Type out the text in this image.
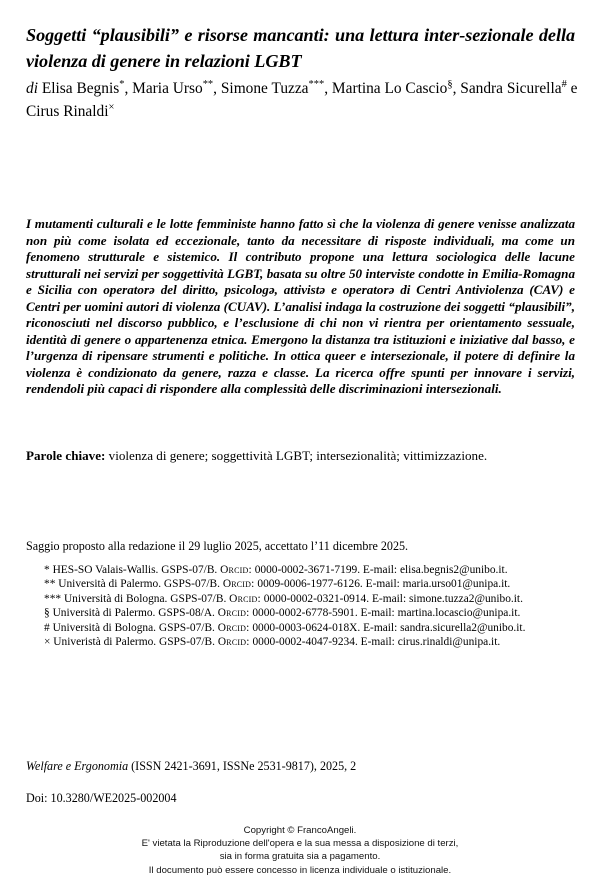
Soggetti “plausibili” e risorse mancanti: una lettura inter-sezionale della violenza di genere in relazioni LGBT
di Elisa Begnis*, Maria Urso**, Simone Tuzza***, Martina Lo Cascio§, Sandra Sicurella# e Cirus Rinaldi×

I mutamenti culturali e le lotte femministe hanno fatto sì che la violenza di genere venisse analizzata non più come isolata ed eccezionale, tanto da necessitare di risposte individuali, ma come un fenomeno strutturale e sistemico. Il contributo propone una lettura sociologica delle lacune strutturali nei servizi per soggettività LGBT, basata su oltre 50 interviste condotte in Emilia-Romagna e Sicilia con operatorə del diritto, psicologə, attivistə e operatorə di Centri Antiviolenza (CAV) e Centri per uomini autori di violenza (CUAV). L’analisi indaga la costruzione dei soggetti “plausibili”, riconosciuti nel discorso pubblico, e l’esclusione di chi non vi rientra per orientamento sessuale, identità di genere o appartenenza etnica. Emergono la distanza tra istituzioni e iniziative dal basso, e l’urgenza di ripensare strumenti e politiche. In ottica queer e intersezionale, il potere di definire la violenza è condizionato da genere, razza e classe. La ricerca offre spunti per innovare i servizi, rendendoli più capaci di rispondere alla complessità delle discriminazioni intersezionali.

Parole chiave: violenza di genere; soggettività LGBT; intersezionalità; vittimizzazione.
Saggio proposto alla redazione il 29 luglio 2025, accettato l’11 dicembre 2025.

* HES-SO Valais-Wallis. GSPS-07/B. Orcid: 0000-0002-3671-7199. E-mail: elisa.begnis2@unibo.it.

** Università di Palermo. GSPS-07/B. Orcid: 0009-0006-1977-6126. E-mail: maria.urso01@unipa.it.

*** Università di Bologna. GSPS-07/B. Orcid: 0000-0002-0321-0914. E-mail: simone.tuzza2@unibo.it.

§ Università di Palermo. GSPS-08/A. Orcid: 0000-0002-6778-5901. E-mail: martina.locascio@unipa.it.

# Università di Bologna. GSPS-07/B. Orcid: 0000-0003-0624-018X. E-mail: sandra.sicurella2@unibo.it.

× Univeristà di Palermo. GSPS-07/B. Orcid: 0000-0002-4047-9234. E-mail: cirus.rinaldi@unipa.it.

Welfare e Ergonomia (ISSN 2421-3691, ISSNe 2531-9817), 2025, 2
Doi: 10.3280/WE2025-002004
Copyright © FrancoAngeli.
E' vietata la Riproduzione dell'opera e la sua messa a disposizione di terzi,
sia in forma gratuita sia a pagamento.
Il documento può essere concesso in licenza individuale o istituzionale.
